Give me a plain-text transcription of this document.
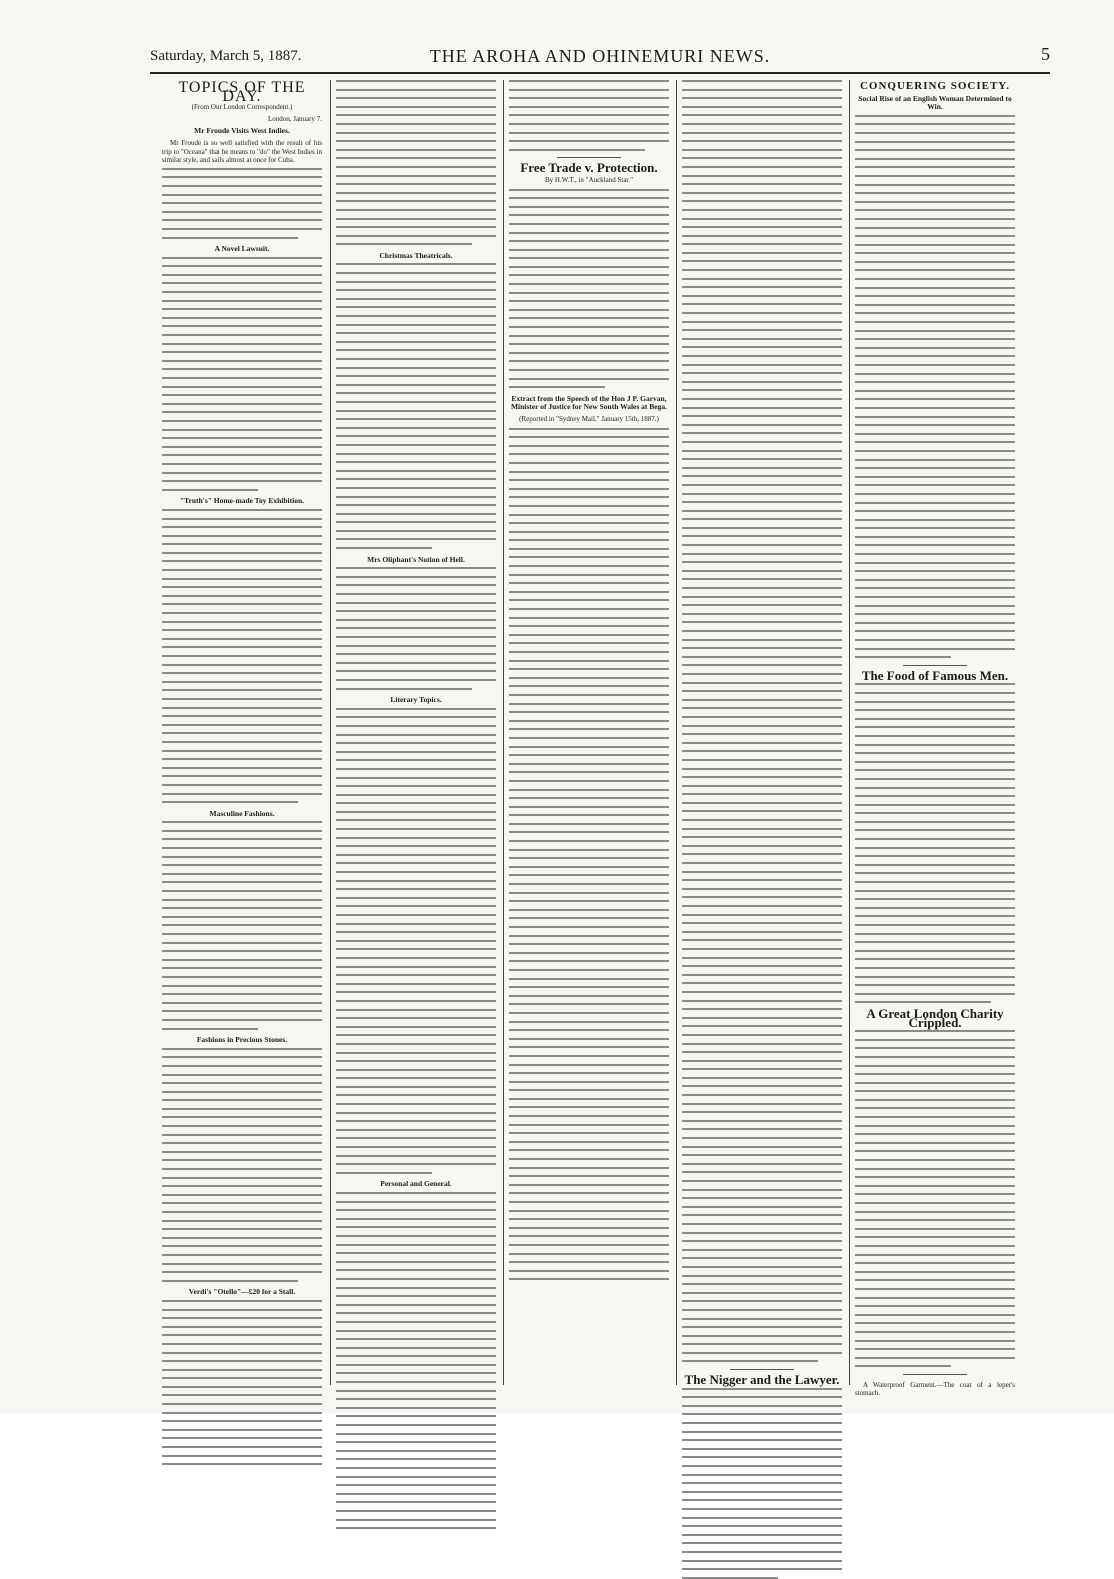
Saturday, March 5, 1887.	THE AROHA AND OHINEMURI NEWS.	5
TOPICS OF THE DAY.
(From Our London Correspondent.)
London, January 7.
Mr Froude Visits West Indies.

Mr Froude is so well satisfied with the result of his trip to "Oceana" that he means to "do" the West Indies in similar style, and sails almost at once for Cuba.

A Novel Lawsuit.
"Truth's" Home-made Toy Exhibition.
Masculine Fashions.
Fashions in Precious Stones.
Verdi's "Otello"—£20 for a Stall.
Christmas Theatricals.
Mrs Oliphant's Notion of Hell.
Literary Topics.
Personal and General.
Free Trade v. Protection.
By H.W.T., in "Auckland Star."
Extract from the Speech of the Hon J P. Garvan, Minister of Justice for New South Wales at Bega.
(Reported in "Sydney Mail," January 15th, 1887.)
The Nigger and the Lawyer.
CONQUERING SOCIETY.
Social Rise of an English Woman Determined to Win.
The Food of Famous Men.
A Great London Charity Crippled.

A Waterproof Garment.—The coat of a leper's stomach.
